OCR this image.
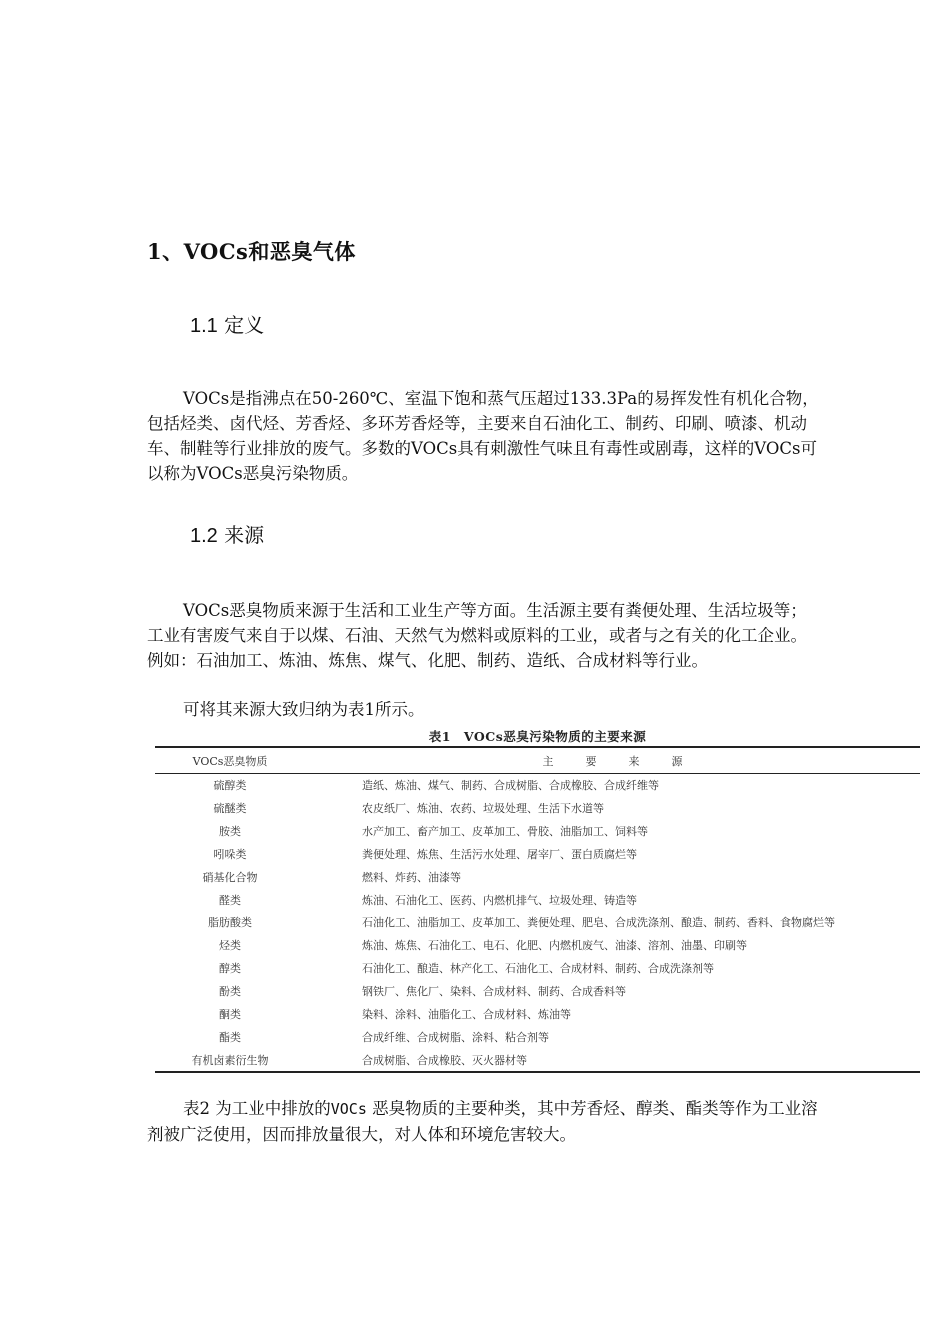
1、VOCs和恶臭气体
1.1 定义

VOCs是指沸点在50-260℃、室温下饱和蒸气压超过133.3Pa的易挥发性有机化合物，包括烃类、卤代烃、芳香烃、多环芳香烃等，主要来自石油化工、制药、印刷、喷漆、机动车、制鞋等行业排放的废气。多数的VOCs具有刺激性气味且有毒性或剧毒，这样的VOCs可以称为VOCs恶臭污染物质。

1.2 来源

VOCs恶臭物质来源于生活和工业生产等方面。生活源主要有粪便处理、生活垃圾等；工业有害废气来自于以煤、石油、天然气为燃料或原料的工业，或者与之有关的化工企业。例如：石油加工、炼油、炼焦、煤气、化肥、制药、造纸、合成材料等行业。

可将其来源大致归纳为表1所示。

表1　VOCs恶臭污染物质的主要来源
VOCs恶臭物质	主要来源
硫醇类	造纸、炼油、煤气、制药、合成树脂、合成橡胶、合成纤维等
硫醚类	农皮纸厂、炼油、农药、垃圾处理、生活下水道等
胺类	水产加工、畜产加工、皮革加工、骨胶、油脂加工、饲料等
吲哚类	粪便处理、炼焦、生活污水处理、屠宰厂、蛋白质腐烂等
硝基化合物	燃料、炸药、油漆等
醛类	炼油、石油化工、医药、内燃机排气、垃圾处理、铸造等
脂肪酸类	石油化工、油脂加工、皮革加工、粪便处理、肥皂、合成洗涤剂、酿造、制药、香料、食物腐烂等
烃类	炼油、炼焦、石油化工、电石、化肥、内燃机废气、油漆、溶剂、油墨、印刷等
醇类	石油化工、酿造、林产化工、石油化工、合成材料、制药、合成洗涤剂等
酚类	钢铁厂、焦化厂、染料、合成材料、制药、合成香料等
酮类	染料、涂料、油脂化工、合成材料、炼油等
酯类	合成纤维、合成树脂、涂料、粘合剂等
有机卤素衍生物	合成树脂、合成橡胶、灭火器材等

表2 为工业中排放的VOCs 恶臭物质的主要种类，其中芳香烃、醇类、酯类等作为工业溶剂被广泛使用，因而排放量很大，对人体和环境危害较大。
